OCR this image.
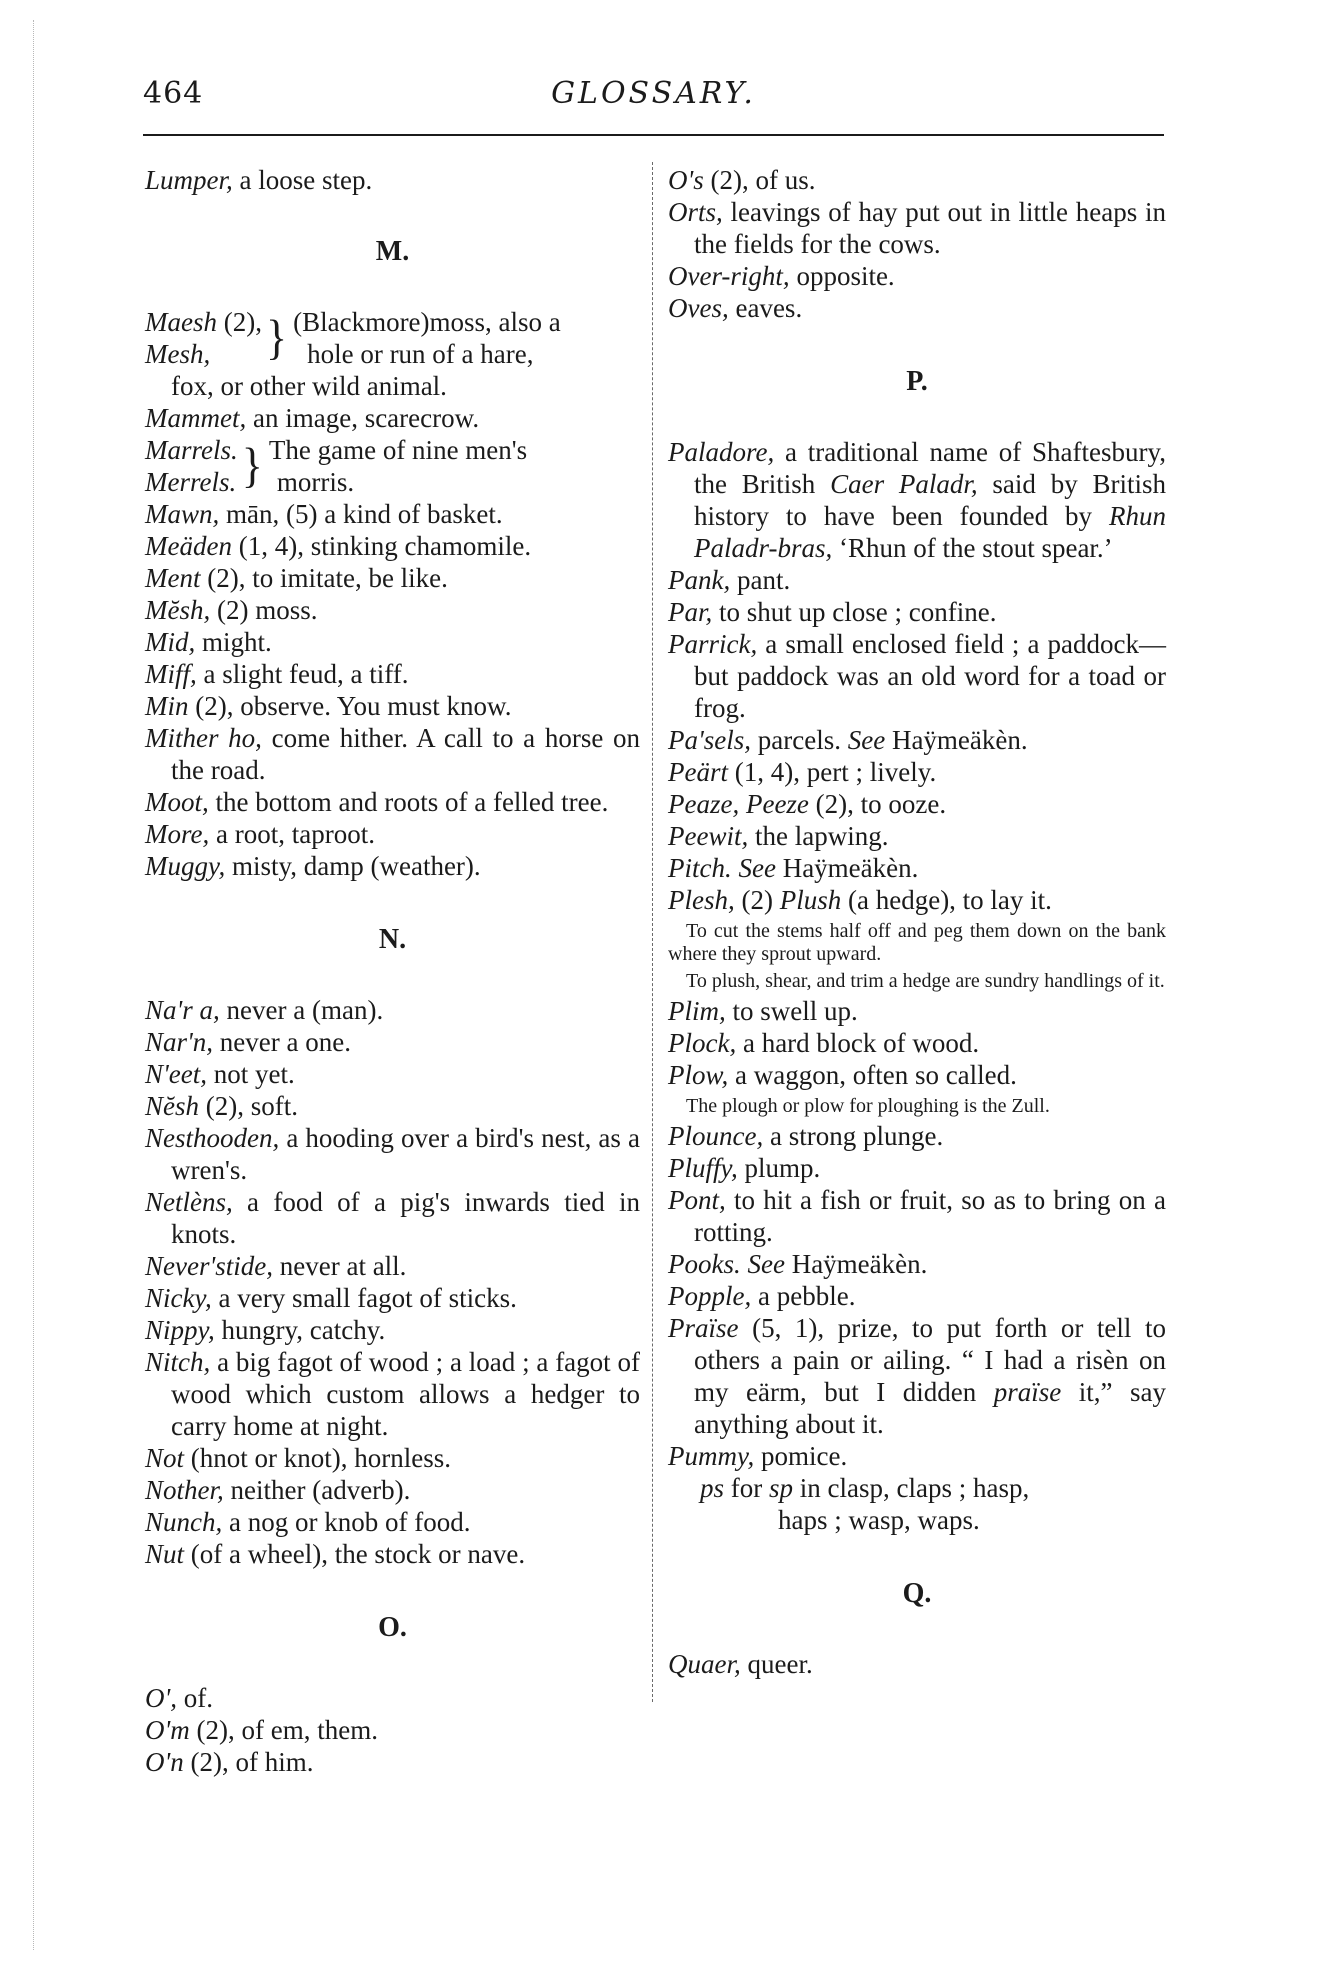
464	GLOSSARY.

Lumper, a loose step.

M.
Maesh (2),
Mesh,	} (Blackmore)moss, also a
hole or run of a hare,
fox, or other wild animal.

Mammet, an image, scarecrow.

Marrels.
Merrels. } The game of nine men's
morris.

Mawn, mān, (5) a kind of basket.

Meäden (1, 4), stinking chamomile.

Ment (2), to imitate, be like.

Mĕsh, (2) moss.

Mid, might.

Miff, a slight feud, a tiff.

Min (2), observe. You must know.

Mither ho, come hither. A call to a horse on the road.

Moot, the bottom and roots of a felled tree.

More, a root, taproot.

Muggy, misty, damp (weather).

N.

Na'r a, never a (man).

Nar'n, never a one.

N'eet, not yet.

Nĕsh (2), soft.

Nesthooden, a hooding over a bird's nest, as a wren's.

Netlèns, a food of a pig's inwards tied in knots.

Never'stide, never at all.

Nicky, a very small fagot of sticks.

Nippy, hungry, catchy.

Nitch, a big fagot of wood ; a load ; a fagot of wood which custom allows a hedger to carry home at night.

Not (hnot or knot), hornless.

Nother, neither (adverb).

Nunch, a nog or knob of food.

Nut (of a wheel), the stock or nave.

O.

O', of.

O'm (2), of em, them.

O'n (2), of him.

O's (2), of us.

Orts, leavings of hay put out in little heaps in the fields for the cows.

Over-right, opposite.

Oves, eaves.

P.

Paladore, a traditional name of Shaftesbury, the British Caer Paladr, said by British history to have been founded by Rhun Paladr-bras, ‘Rhun of the stout spear.’

Pank, pant.

Par, to shut up close ; confine.

Parrick, a small enclosed field ; a paddock—but paddock was an old word for a toad or frog.

Pa'sels, parcels. See Haÿmeäkèn.

Peärt (1, 4), pert ; lively.

Peaze, Peeze (2), to ooze.

Peewit, the lapwing.

Pitch. See Haÿmeäkèn.

Plesh, (2) Plush (a hedge), to lay it.

To cut the stems half off and peg them down on the bank where they sprout upward.

To plush, shear, and trim a hedge are sundry handlings of it.

Plim, to swell up.

Plock, a hard block of wood.

Plow, a waggon, often so called.

The plough or plow for ploughing is the Zull.

Plounce, a strong plunge.

Pluffy, plump.

Pont, to hit a fish or fruit, so as to bring on a rotting.

Pooks. See Haÿmeäkèn.

Popple, a pebble.

Praïse (5, 1), prize, to put forth or tell to others a pain or ailing. “ I had a risèn on my eärm, but I didden praïse it,” say anything about it.

Pummy, pomice.

ps for sp in clasp, claps ; hasp,
haps ; wasp, waps.
Q.

Quaer, queer.
